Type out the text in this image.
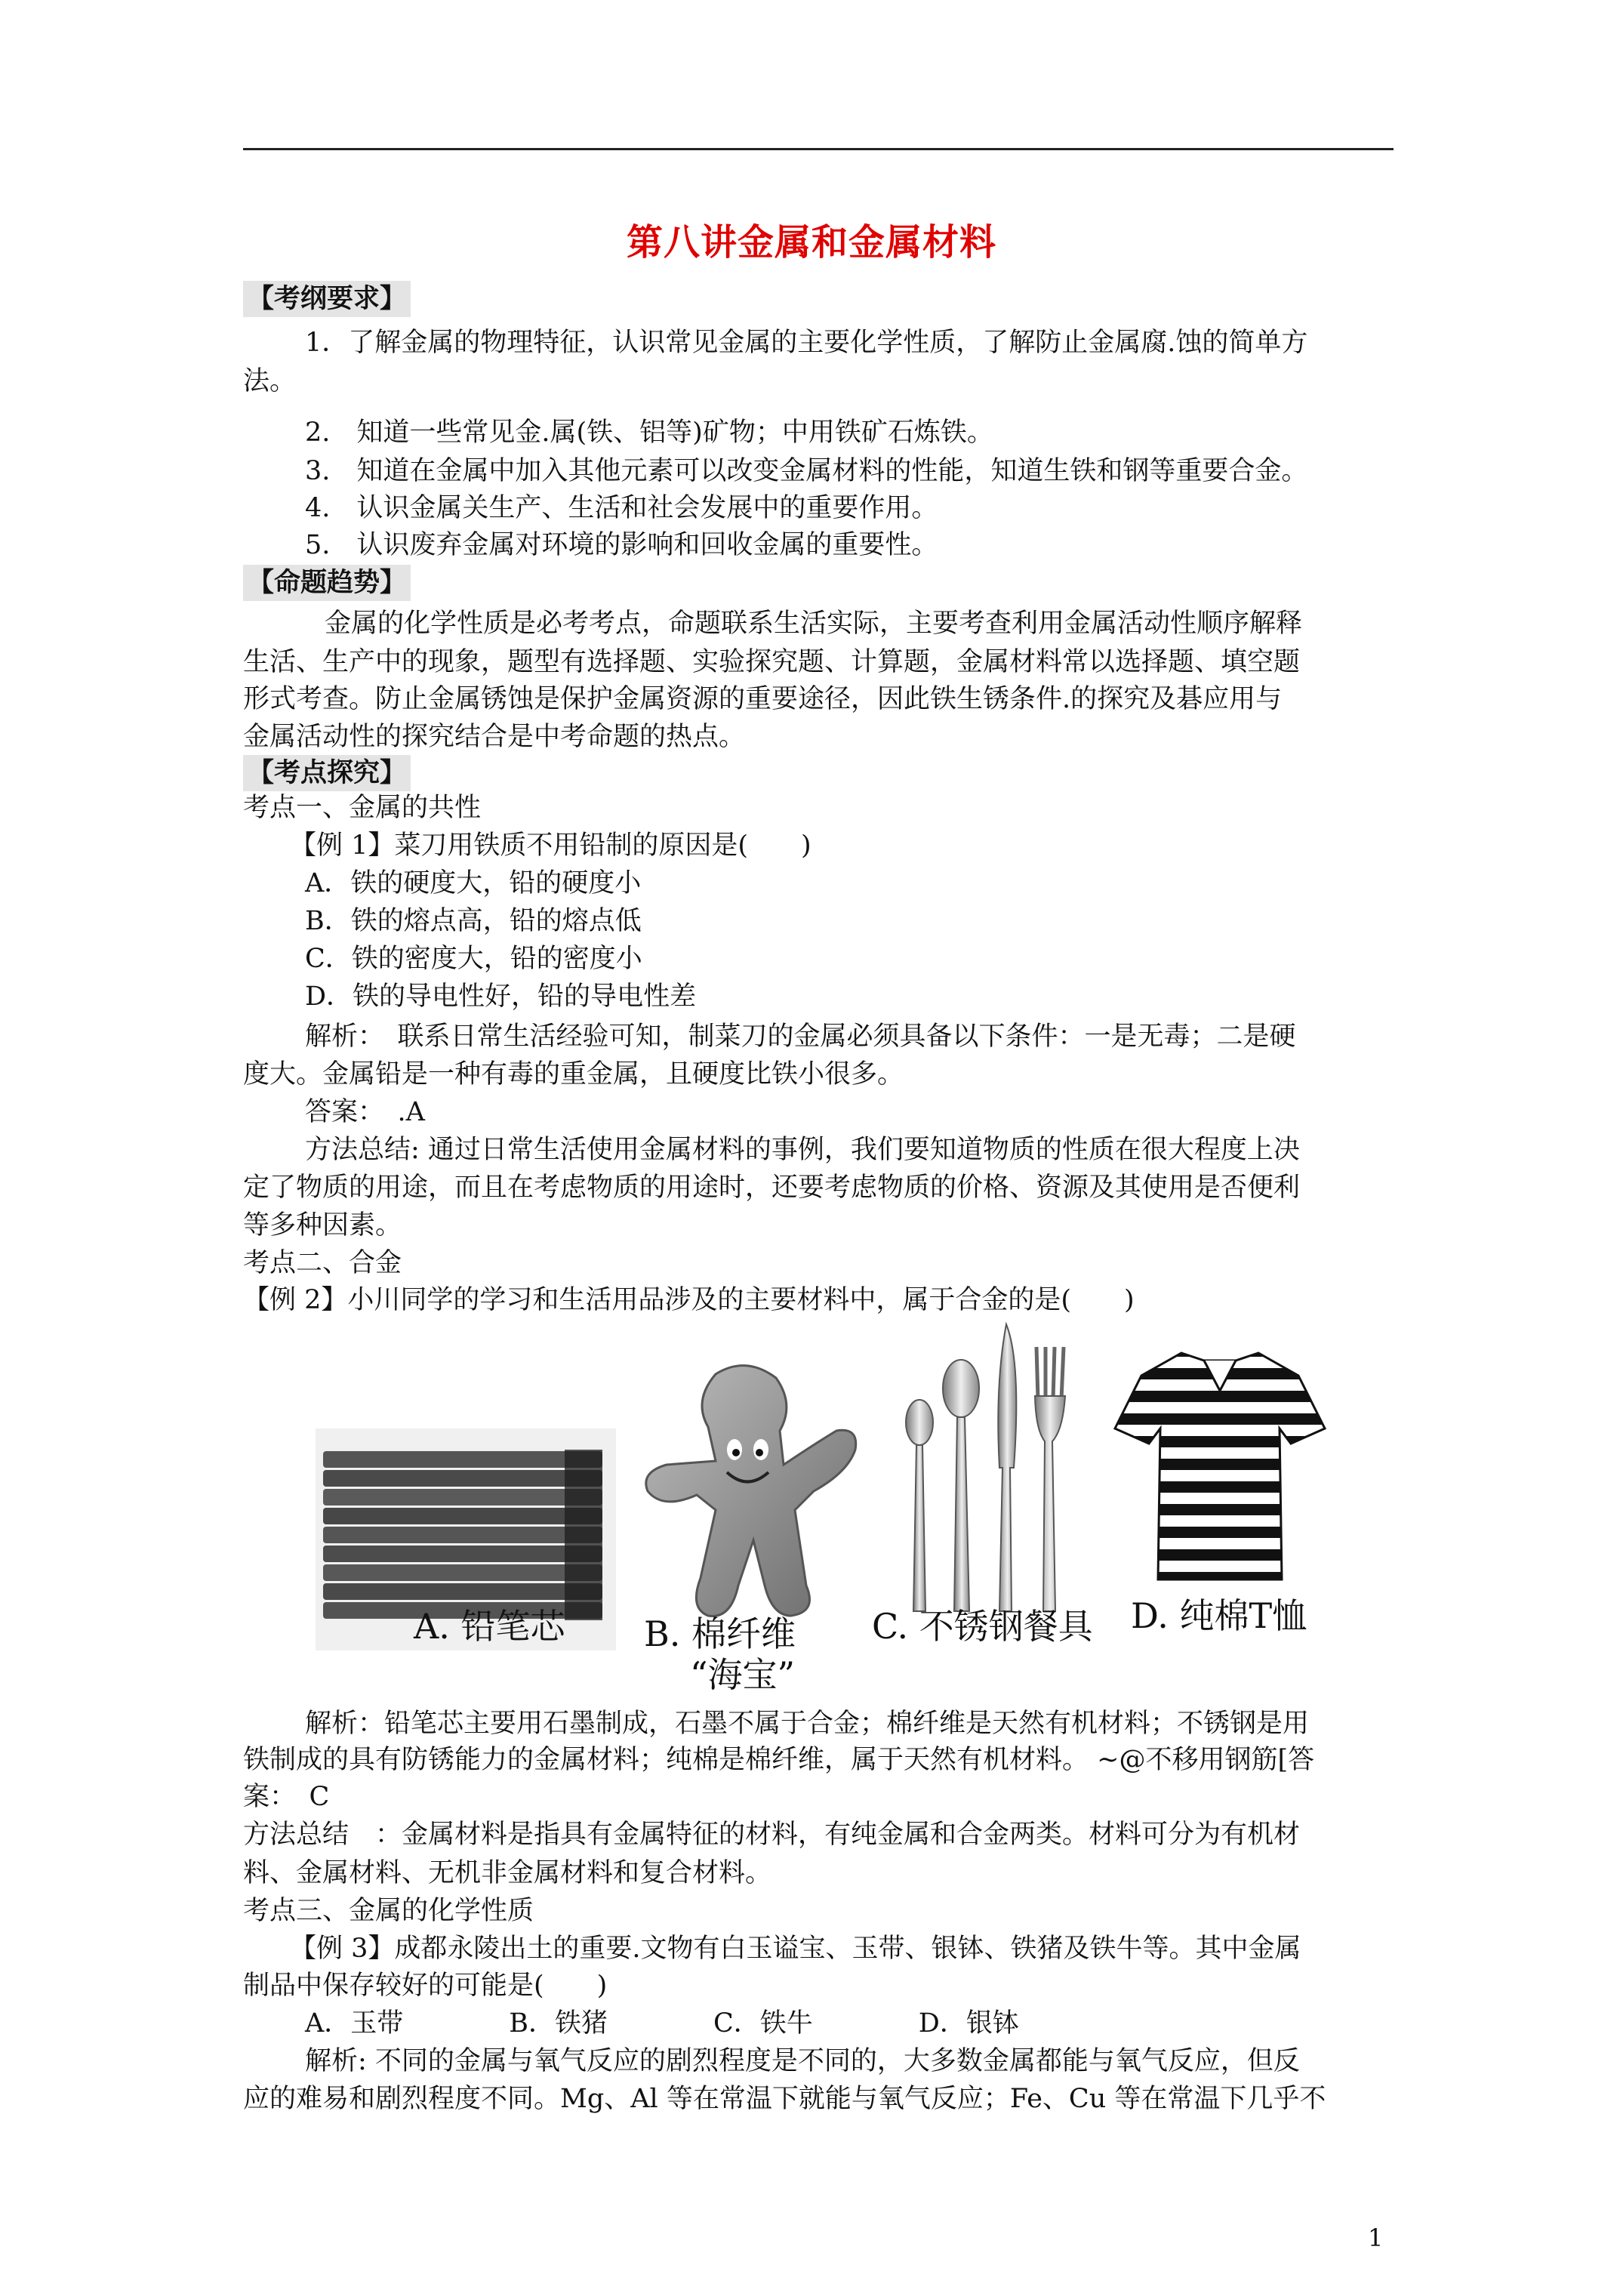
第八讲金属和金属材料
【考纲要求】
1．了解金属的物理特征，认识常见金属的主要化学性质，了解防止金属腐.蚀的简单方
法。
2.　知道一些常见金.属(铁、铝等)矿物；中用铁矿石炼铁。
3.　知道在金属中加入其他元素可以改变金属材料的性能，知道生铁和钢等重要合金。
4.　认识金属关生产、生活和社会发展中的重要作用。
5.　认识废弃金属对环境的影响和回收金属的重要性。
【命题趋势】
金属的化学性质是必考考点，命题联系生活实际，主要考查利用金属活动性顺序解释
生活、生产中的现象，题型有选择题、实验探究题、计算题，金属材料常以选择题、填空题
形式考查。防止金属锈蚀是保护金属资源的重要途径，因此铁生锈条件.的探究及碁应用与
金属活动性的探究结合是中考命题的热点。
【考点探究】
考点一、金属的共性
【例 1】菜刀用铁质不用铅制的原因是(　　)
A．铁的硬度大，铅的硬度小
B．铁的熔点高，铅的熔点低
C．铁的密度大，铅的密度小
D．铁的导电性好，铅的导电性差
解析：　联系日常生活经验可知，制菜刀的金属必须具备以下条件：一是无毒；二是硬
度大。金属铅是一种有毒的重金属，且硬度比铁小很多。
答案：　.A
方法总结: 通过日常生活使用金属材料的事例，我们要知道物质的性质在很大程度上决
定了物质的用途，而且在考虑物质的用途时，还要考虑物质的价格、资源及其使用是否便利
等多种因素。
考点二、合金
【例 2】小川同学的学习和生活用品涉及的主要材料中，属于合金的是(　　)
A. 铅笔芯 B. 棉纤维
“海宝”
C. 不锈钢餐具 D. 纯棉T恤
解析：铅笔芯主要用石墨制成，石墨不属于合金；棉纤维是天然有机材料；不锈钢是用
铁制成的具有防锈能力的金属材料；纯棉是棉纤维，属于天然有机材料。 ~@不移用钢筋[答
案：　C
方法总结　：金属材料是指具有金属特征的材料，有纯金属和合金两类。材料可分为有机材
料、金属材料、无机非金属材料和复合材料。
考点三、金属的化学性质
【例 3】成都永陵出土的重要.文物有白玉谥宝、玉带、银钵、铁猪及铁牛等。其中金属
制品中保存较好的可能是(　　)
A．玉带　　　　B．铁猪　　　　C．铁牛　　　　D．银钵
解析: 不同的金属与氧气反应的剧烈程度是不同的，大多数金属都能与氧气反应，但反
应的难易和剧烈程度不同。Mg、Al 等在常温下就能与氧气反应；Fe、Cu 等在常温下几乎不
1
